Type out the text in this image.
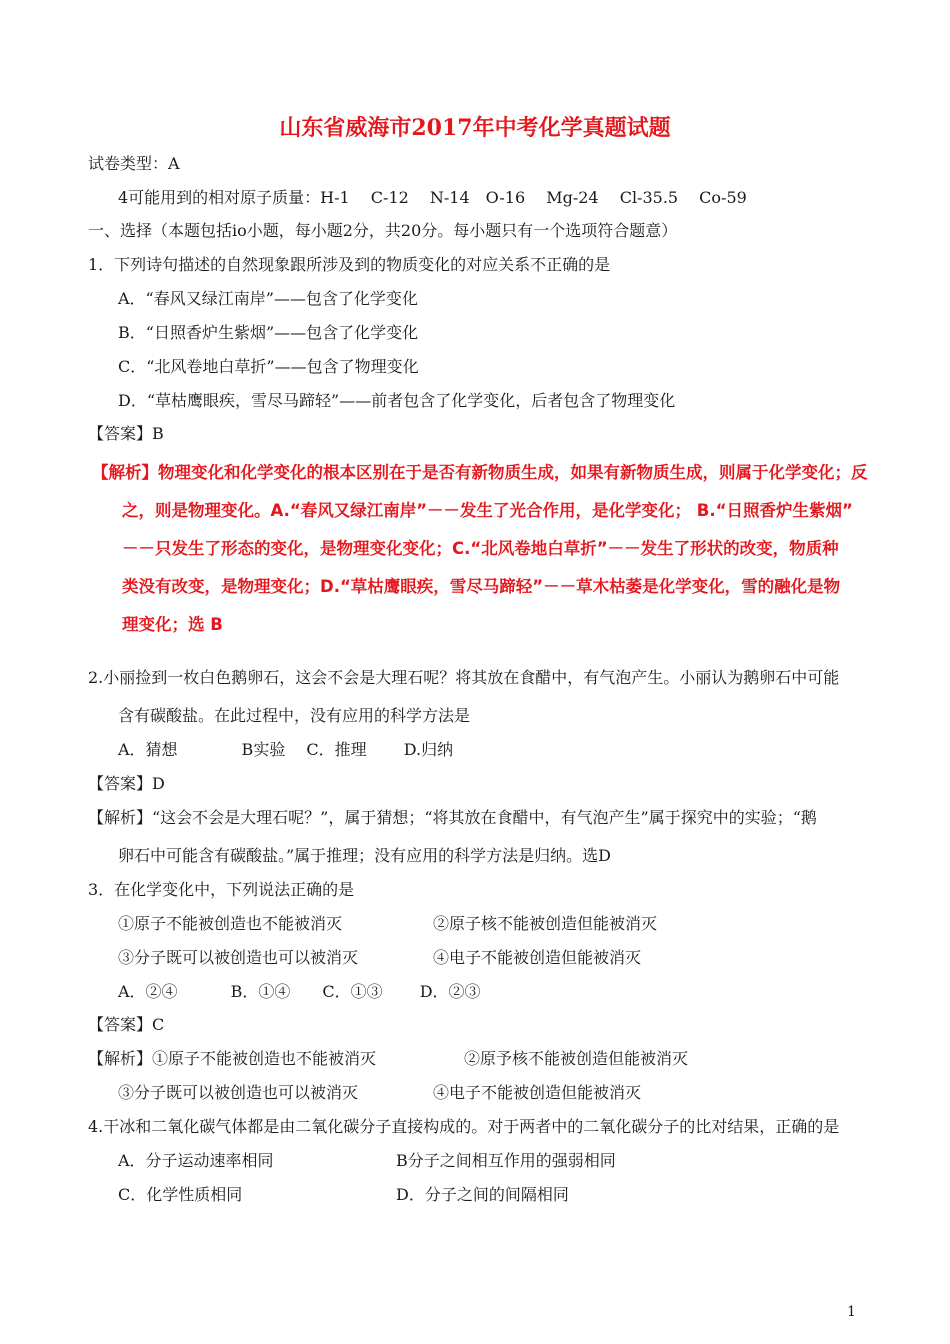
山东省威海市2017年中考化学真题试题
试卷类型：A
4可能用到的相对原子质量：H-1　 C-12　 N-14　O-16　 Mg-24　 Cl-35.5　 Co-59
一、选择（本题包括io小题，每小题2分，共20分。每小题只有一个选项符合题意）
1．下列诗句描述的自然现象跟所涉及到的物质变化的对应关系不正确的是
A．“春风又绿江南岸”——包含了化学变化
B．“日照香炉生紫烟”——包含了化学变化
C．“北风卷地白草折”——包含了物理变化
D．“草枯鹰眼疾，雪尽马蹄轻”——前者包含了化学变化，后者包含了物理变化
【答案】B
【解析】物理变化和化学变化的根本区别在于是否有新物质生成，如果有新物质生成，则属于化学变化；反
之，则是物理变化。A.“春风又绿江南岸”－－发生了光合作用，是化学变化； B.“日照香炉生紫烟”
－－只发生了形态的变化，是物理变化变化；C.“北风卷地白草折”－－发生了形状的改变，物质种
类没有改变，是物理变化；D.“草枯鹰眼疾，雪尽马蹄轻”－－草木枯萎是化学变化，雪的融化是物
理变化；选 B
2.小丽捡到一枚白色鹅卵石，这会不会是大理石呢？将其放在食醋中，有气泡产生。小丽认为鹅卵石中可能
含有碳酸盐。在此过程中，没有应用的科学方法是
A．猜想　　　　B实验　 C．推理　　 D.归纳
【答案】D
【解析】“这会不会是大理石呢？”，属于猜想；“将其放在食醋中，有气泡产生”属于探究中的实验；“鹅
卵石中可能含有碳酸盐。”属于推理；没有应用的科学方法是归纳。选D
3．在化学变化中，下列说法正确的是
①原子不能被创造也不能被消灭	②原子核不能被创造但能被消灭
③分子既可以被创造也可以被消灭	④电子不能被创造但能被消灭
A．②④　　　 B．①④　　C．①③　　 D．②③
【答案】C
【解析】 ①原子不能被创造也不能被消灭	②原予核不能被创造但能被消灭
③分子既可以被创造也可以被消灭	④电子不能被创造但能被消灭
4.干冰和二氧化碳气体都是由二氧化碳分子直接构成的。对于两者中的二氧化碳分子的比对结果，正确的是
A．分子运动速率相同	B分子之间相互作用的强弱相同
C．化学性质相同	D．分子之间的间隔相同
1
